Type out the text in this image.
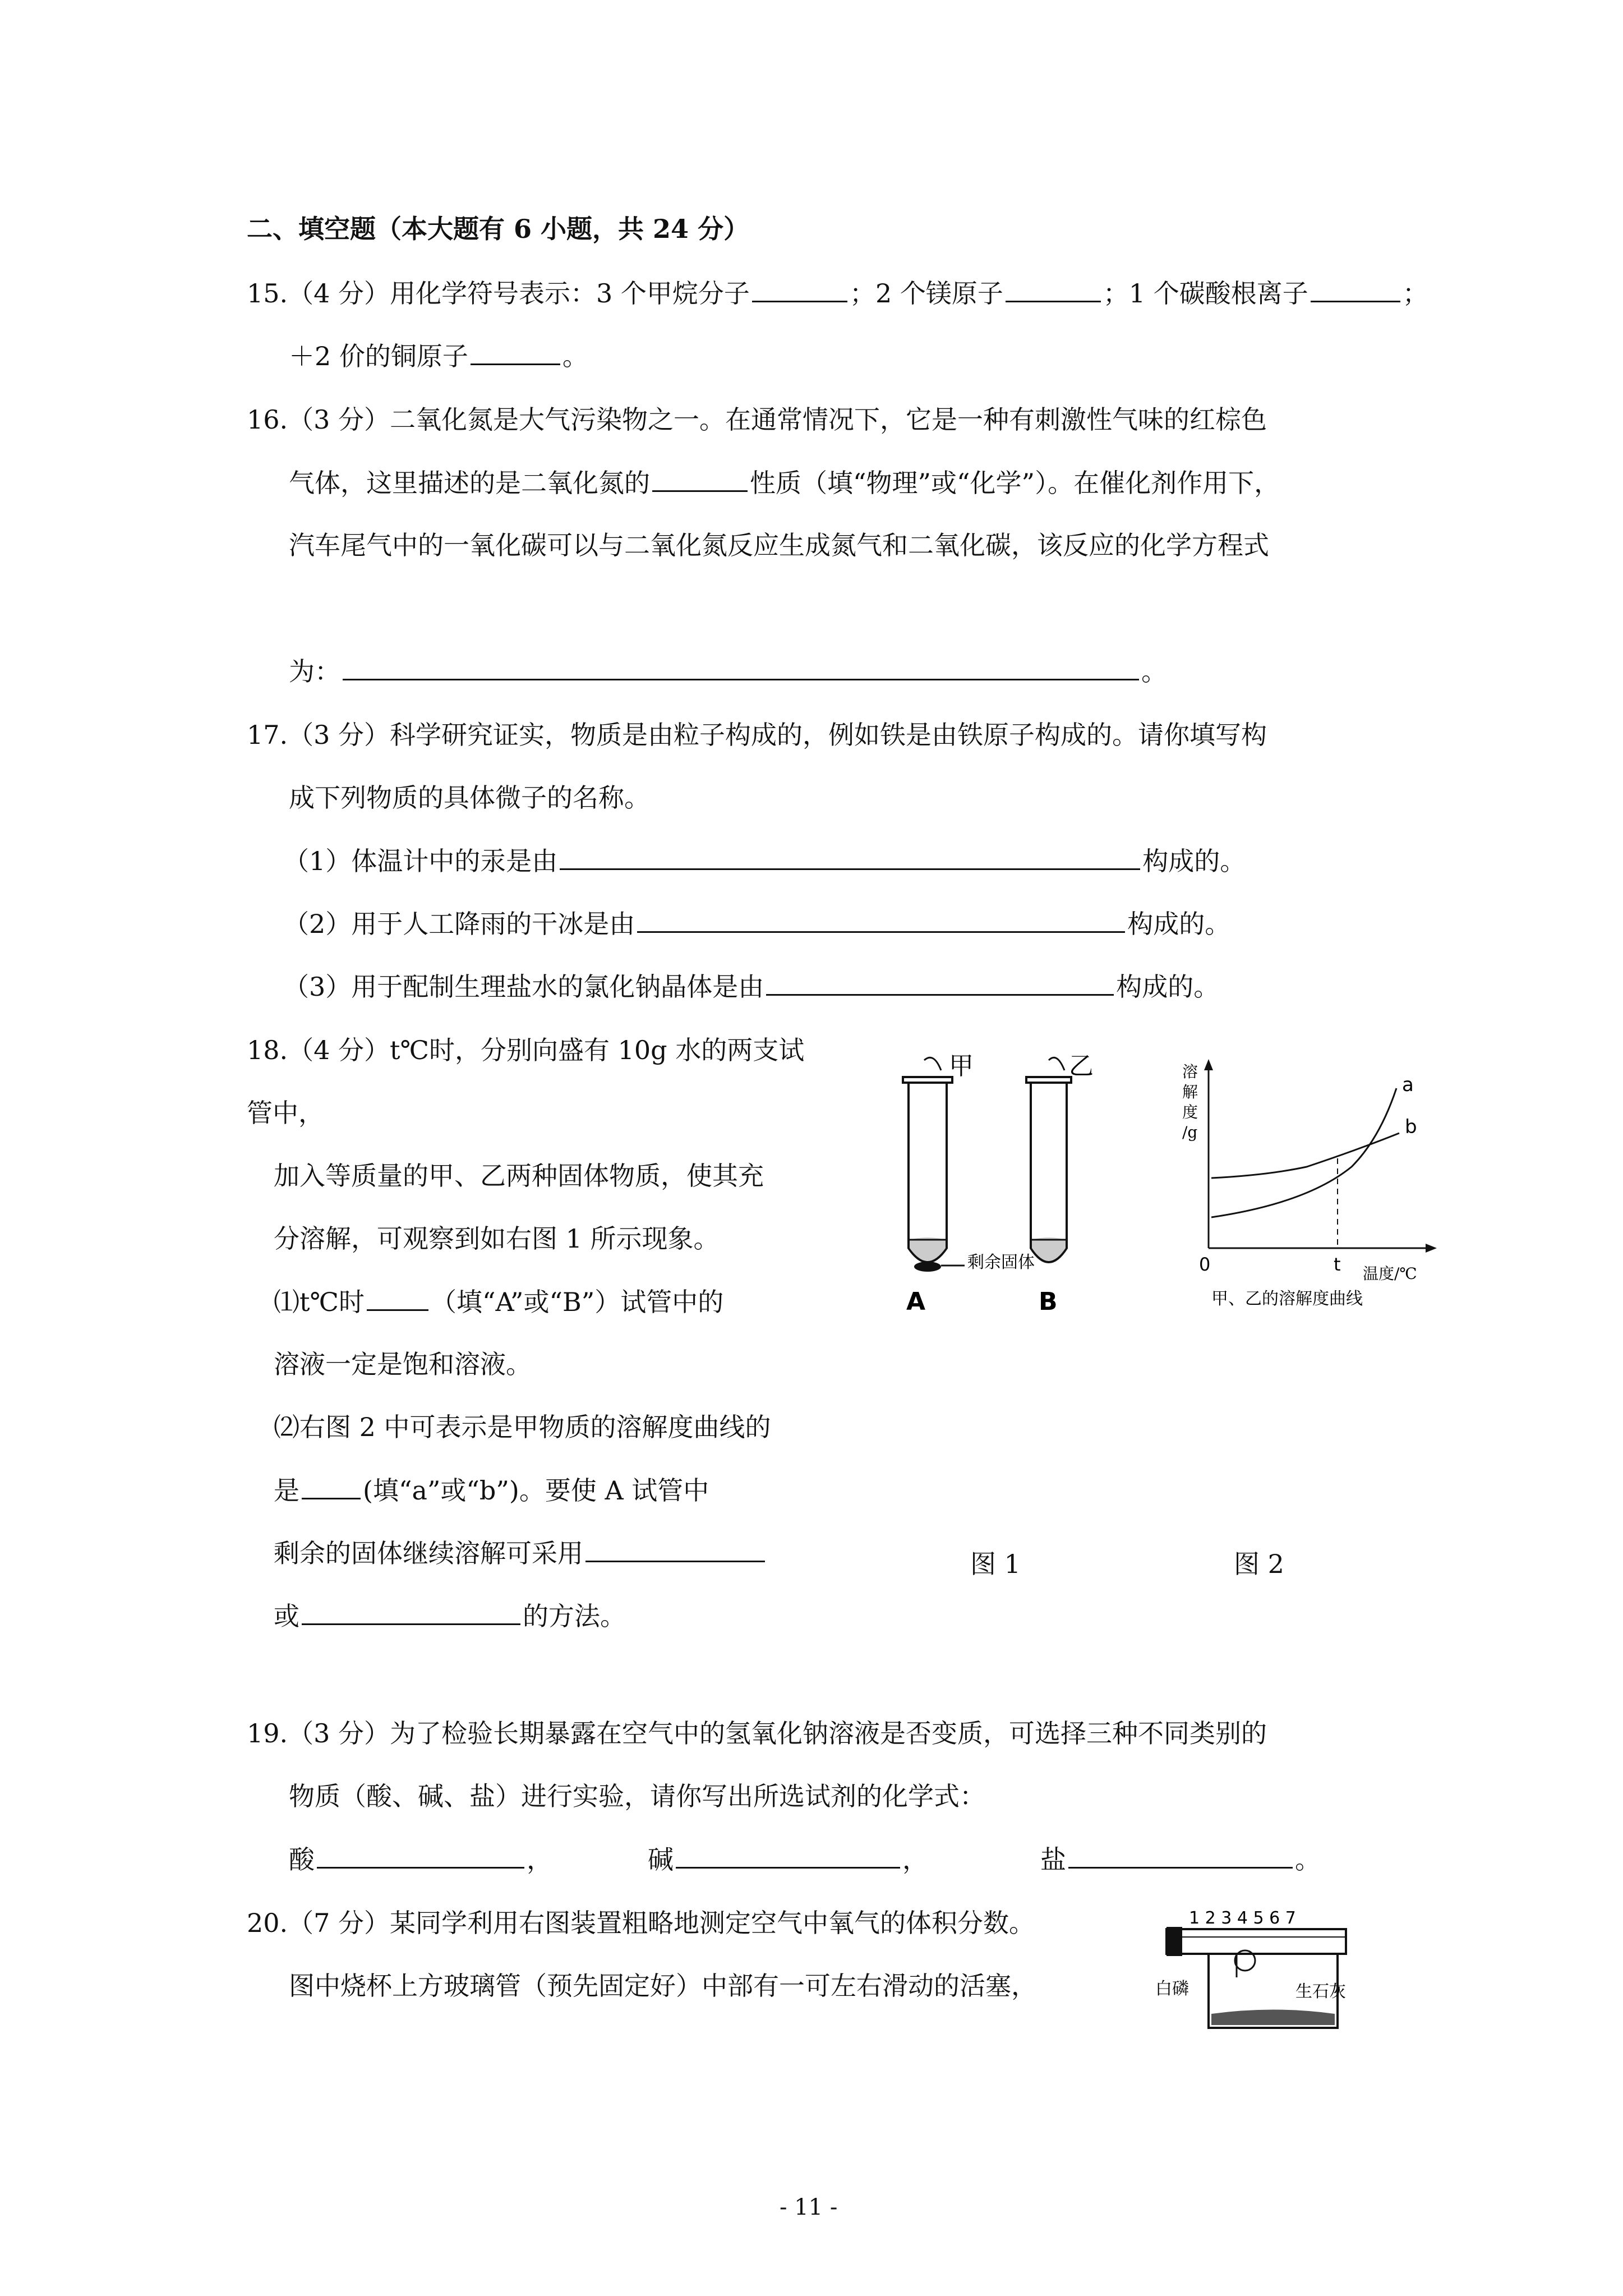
二、填空题（本大题有 6 小题，共 24 分）
15.（4 分）用化学符号表示：3 个甲烷分子	；2 个镁原子	；1 个碳酸根离子	；
＋2 价的铜原子	。
16.（3 分）二氧化氮是大气污染物之一。在通常情况下，它是一种有刺激性气味的红棕色
气体，这里描述的是二氧化氮的	性质（填“物理”或“化学”）。在催化剂作用下，
汽车尾气中的一氧化碳可以与二氧化氮反应生成氮气和二氧化碳，该反应的化学方程式
为：	。
17.（3 分）科学研究证实，物质是由粒子构成的，例如铁是由铁原子构成的。请你填写构
成下列物质的具体微子的名称。
（1）体温计中的汞是由	构成的。
（2）用于人工降雨的干冰是由	构成的。
（3）用于配制生理盐水的氯化钠晶体是由	构成的。
18.（4 分）t℃时，分别向盛有 10g 水的两支试
管中，
加入等质量的甲、乙两种固体物质，使其充
分溶解，可观察到如右图 1 所示现象。
⑴t℃时	（填“A”或“B”）试管中的
溶液一定是饱和溶液。
⑵右图 2 中可表示是甲物质的溶解度曲线的
是 (填“a”或“b”)。要使 A 试管中
剩余的固体继续溶解可采用
或	的方法。
甲
A
剩余固体
乙
B
溶 解 度 /g
a
b
0	t 温度/℃
甲、乙的溶解度曲线
图 1	图 2
19.（3 分）为了检验长期暴露在空气中的氢氧化钠溶液是否变质，可选择三种不同类别的
物质（酸、碱、盐）进行实验，请你写出所选试剂的化学式：
酸	，	碱	，	盐	。
20.（7 分）某同学利用右图装置粗略地测定空气中氧气的体积分数。
图中烧杯上方玻璃管（预先固定好）中部有一可左右滑动的活塞，
1 2 3 4 5 6 7
白磷	生石灰
- 11 -
